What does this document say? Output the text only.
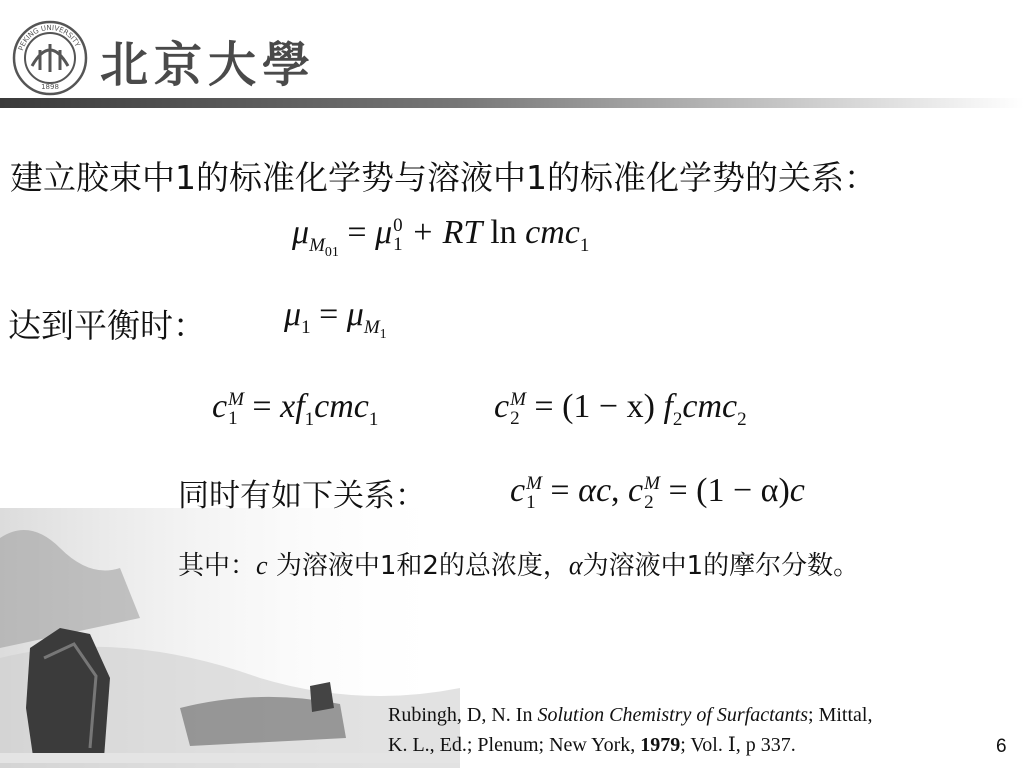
PEKING UNIVERSITY
1898 北京大學
建立胶束中1的标准化学势与溶液中1的标准化学势的关系：
$\mu_{M_{01}} = \mu$ 0
1 + RT ln cmc$_1$
达到平衡时： $\mu_1 = \mu_{M_1}$
c M
$1 = xf_1cmc_1$	c M
2 = (1 − x) $f_2cmc_2$
同时有如下关系： c M
1 = αc, c M
2 = (1 − α)c
其中：c 为溶液中1和2的总浓度，α为溶液中1的摩尔分数。
Rubingh, D, N. In Solution Chemistry of Surfactants; Mittal,
K. L., Ed.; Plenum; New York, 1979; Vol. Ⅰ, p 337.	6
